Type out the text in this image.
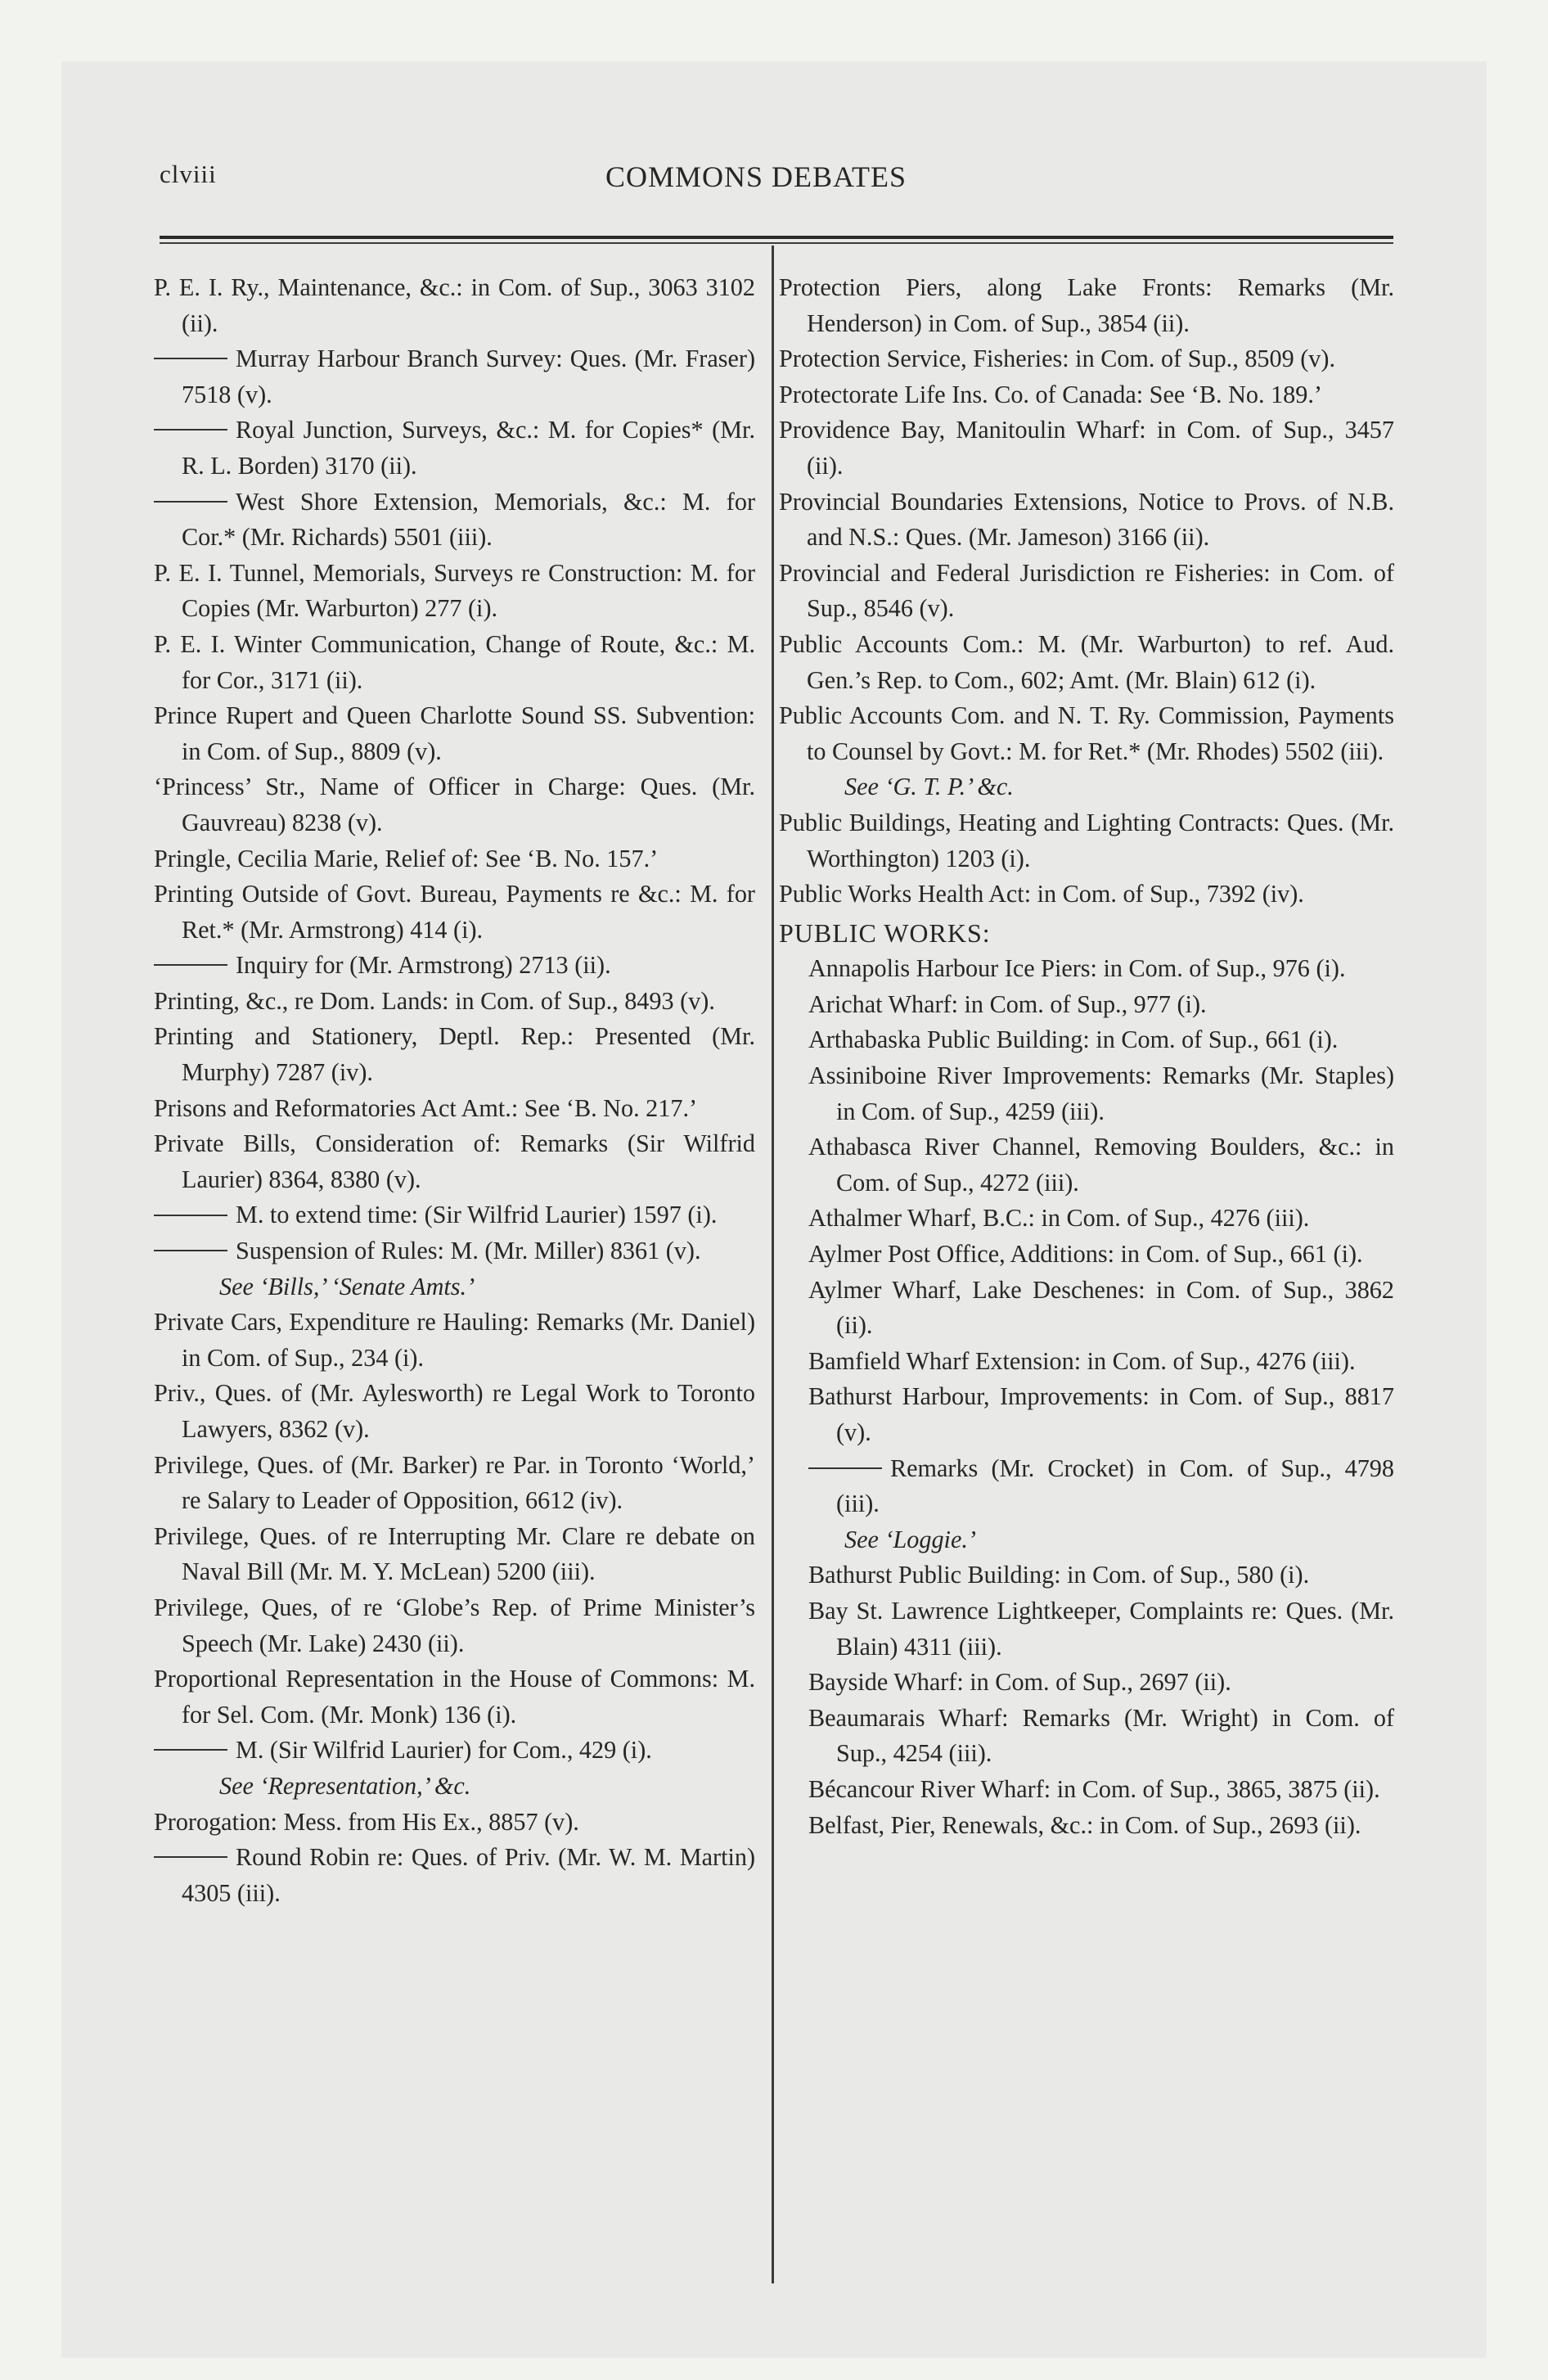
clviii	COMMONS DEBATES

P. E. I. Ry., Maintenance, &c.: in Com. of Sup., 3063 3102 (ii).

Murray Harbour Branch Survey: Ques. (Mr. Fraser) 7518 (v).

Royal Junction, Surveys, &c.: M. for Copies* (Mr. R. L. Borden) 3170 (ii).

West Shore Extension, Memorials, &c.: M. for Cor.* (Mr. Richards) 5501 (iii).

P. E. I. Tunnel, Memorials, Surveys re Construction: M. for Copies (Mr. Warburton) 277 (i).

P. E. I. Winter Communication, Change of Route, &c.: M. for Cor., 3171 (ii).

Prince Rupert and Queen Charlotte Sound SS. Subvention: in Com. of Sup., 8809 (v).

‘Princess’ Str., Name of Officer in Charge: Ques. (Mr. Gauvreau) 8238 (v).

Pringle, Cecilia Marie, Relief of: See ‘B. No. 157.’

Printing Outside of Govt. Bureau, Payments re &c.: M. for Ret.* (Mr. Armstrong) 414 (i).

Inquiry for (Mr. Armstrong) 2713 (ii).

Printing, &c., re Dom. Lands: in Com. of Sup., 8493 (v).

Printing and Stationery, Deptl. Rep.: Presented (Mr. Murphy) 7287 (iv).

Prisons and Reformatories Act Amt.: See ‘B. No. 217.’

Private Bills, Consideration of: Remarks (Sir Wilfrid Laurier) 8364, 8380 (v).

M. to extend time: (Sir Wilfrid Laurier) 1597 (i).

Suspension of Rules: M. (Mr. Miller) 8361 (v).

See ‘Bills,’ ‘Senate Amts.’

Private Cars, Expenditure re Hauling: Remarks (Mr. Daniel) in Com. of Sup., 234 (i).

Priv., Ques. of (Mr. Aylesworth) re Legal Work to Toronto Lawyers, 8362 (v).

Privilege, Ques. of (Mr. Barker) re Par. in Toronto ‘World,’ re Salary to Leader of Opposition, 6612 (iv).

Privilege, Ques. of re Interrupting Mr. Clare re debate on Naval Bill (Mr. M. Y. McLean) 5200 (iii).

Privilege, Ques, of re ‘Globe’s Rep. of Prime Minister’s Speech (Mr. Lake) 2430 (ii).

Proportional Representation in the House of Commons: M. for Sel. Com. (Mr. Monk) 136 (i).

M. (Sir Wilfrid Laurier) for Com., 429 (i).

See ‘Representation,’ &c.

Prorogation: Mess. from His Ex., 8857 (v).

Round Robin re: Ques. of Priv. (Mr. W. M. Martin) 4305 (iii).

Protection Piers, along Lake Fronts: Remarks (Mr. Henderson) in Com. of Sup., 3854 (ii).

Protection Service, Fisheries: in Com. of Sup., 8509 (v).

Protectorate Life Ins. Co. of Canada: See ‘B. No. 189.’

Providence Bay, Manitoulin Wharf: in Com. of Sup., 3457 (ii).

Provincial Boundaries Extensions, Notice to Provs. of N.B. and N.S.: Ques. (Mr. Jameson) 3166 (ii).

Provincial and Federal Jurisdiction re Fisheries: in Com. of Sup., 8546 (v).

Public Accounts Com.: M. (Mr. Warburton) to ref. Aud. Gen.’s Rep. to Com., 602; Amt. (Mr. Blain) 612 (i).

Public Accounts Com. and N. T. Ry. Commission, Payments to Counsel by Govt.: M. for Ret.* (Mr. Rhodes) 5502 (iii).

See ‘G. T. P.’ &c.

Public Buildings, Heating and Lighting Contracts: Ques. (Mr. Worthington) 1203 (i).

Public Works Health Act: in Com. of Sup., 7392 (iv).

PUBLIC WORKS:

Annapolis Harbour Ice Piers: in Com. of Sup., 976 (i).

Arichat Wharf: in Com. of Sup., 977 (i).

Arthabaska Public Building: in Com. of Sup., 661 (i).

Assiniboine River Improvements: Remarks (Mr. Staples) in Com. of Sup., 4259 (iii).

Athabasca River Channel, Removing Boulders, &c.: in Com. of Sup., 4272 (iii).

Athalmer Wharf, B.C.: in Com. of Sup., 4276 (iii).

Aylmer Post Office, Additions: in Com. of Sup., 661 (i).

Aylmer Wharf, Lake Deschenes: in Com. of Sup., 3862 (ii).

Bamfield Wharf Extension: in Com. of Sup., 4276 (iii).

Bathurst Harbour, Improvements: in Com. of Sup., 8817 (v).

Remarks (Mr. Crocket) in Com. of Sup., 4798 (iii).

See ‘Loggie.’

Bathurst Public Building: in Com. of Sup., 580 (i).

Bay St. Lawrence Lightkeeper, Complaints re: Ques. (Mr. Blain) 4311 (iii).

Bayside Wharf: in Com. of Sup., 2697 (ii).

Beaumarais Wharf: Remarks (Mr. Wright) in Com. of Sup., 4254 (iii).

Bécancour River Wharf: in Com. of Sup., 3865, 3875 (ii).

Belfast, Pier, Renewals, &c.: in Com. of Sup., 2693 (ii).
